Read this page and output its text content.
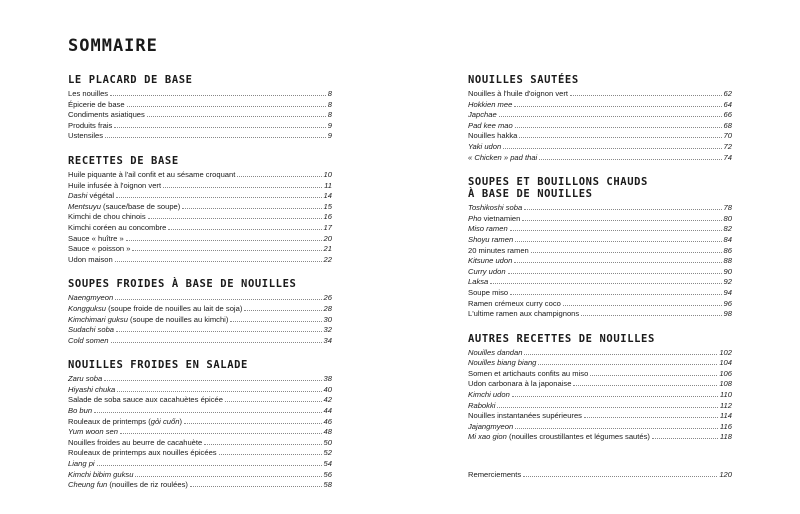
SOMMAIRE
LE PLACARD DE BASE
Les nouilles	8
Épicerie de base	8
Condiments asiatiques	8
Produits frais	9
Ustensiles	9
RECETTES DE BASE
Huile piquante à l'ail confit et au sésame croquant	10
Huile infusée à l'oignon vert	11
Dashi végétal	14
Mentsuyu (sauce/base de soupe)	15
Kimchi de chou chinois	16
Kimchi coréen au concombre	17
Sauce « huître »	20
Sauce « poisson »	21
Udon maison	22
SOUPES FROIDES À BASE DE NOUILLES
Naengmyeon	26
Kongguksu (soupe froide de nouilles au lait de soja)	28
Kimchimari guksu (soupe de nouilles au kimchi)	30
Sudachi soba	32
Cold somen	34
NOUILLES FROIDES EN SALADE
Zaru soba	38
Hiyashi chuka	40
Salade de soba sauce aux cacahuètes épicée	42
Bo bun	44
Rouleaux de printemps (gỏi cuốn)	46
Yum woon sen	48
Nouilles froides au beurre de cacahuète	50
Rouleaux de printemps aux nouilles épicées	52
Liang pi	54
Kimchi bibim guksu	56
Cheung fun (nouilles de riz roulées)	58
NOUILLES SAUTÉES
Nouilles à l'huile d'oignon vert	62
Hokkien mee	64
Japchae	66
Pad kee mao	68
Nouilles hakka	70
Yaki udon	72
« Chicken » pad thai	74
SOUPES ET BOUILLONS CHAUDS
À BASE DE NOUILLES
Toshikoshi soba	78
Pho vietnamien	80
Miso ramen	82
Shoyu ramen	84
20 minutes ramen	86
Kitsune udon	88
Curry udon	90
Laksa	92
Soupe miso	94
Ramen crémeux curry coco	96
L'ultime ramen aux champignons	98
AUTRES RECETTES DE NOUILLES
Nouilles dandan	102
Nouilles biang biang	104
Somen et artichauts confits au miso	106
Udon carbonara à la japonaise	108
Kimchi udon	110
Rabokki	112
Nouilles instantanées supérieures	114
Jajangmyeon	116
Mi xao gion (nouilles croustillantes et légumes sautés)	118
Remerciements	120
